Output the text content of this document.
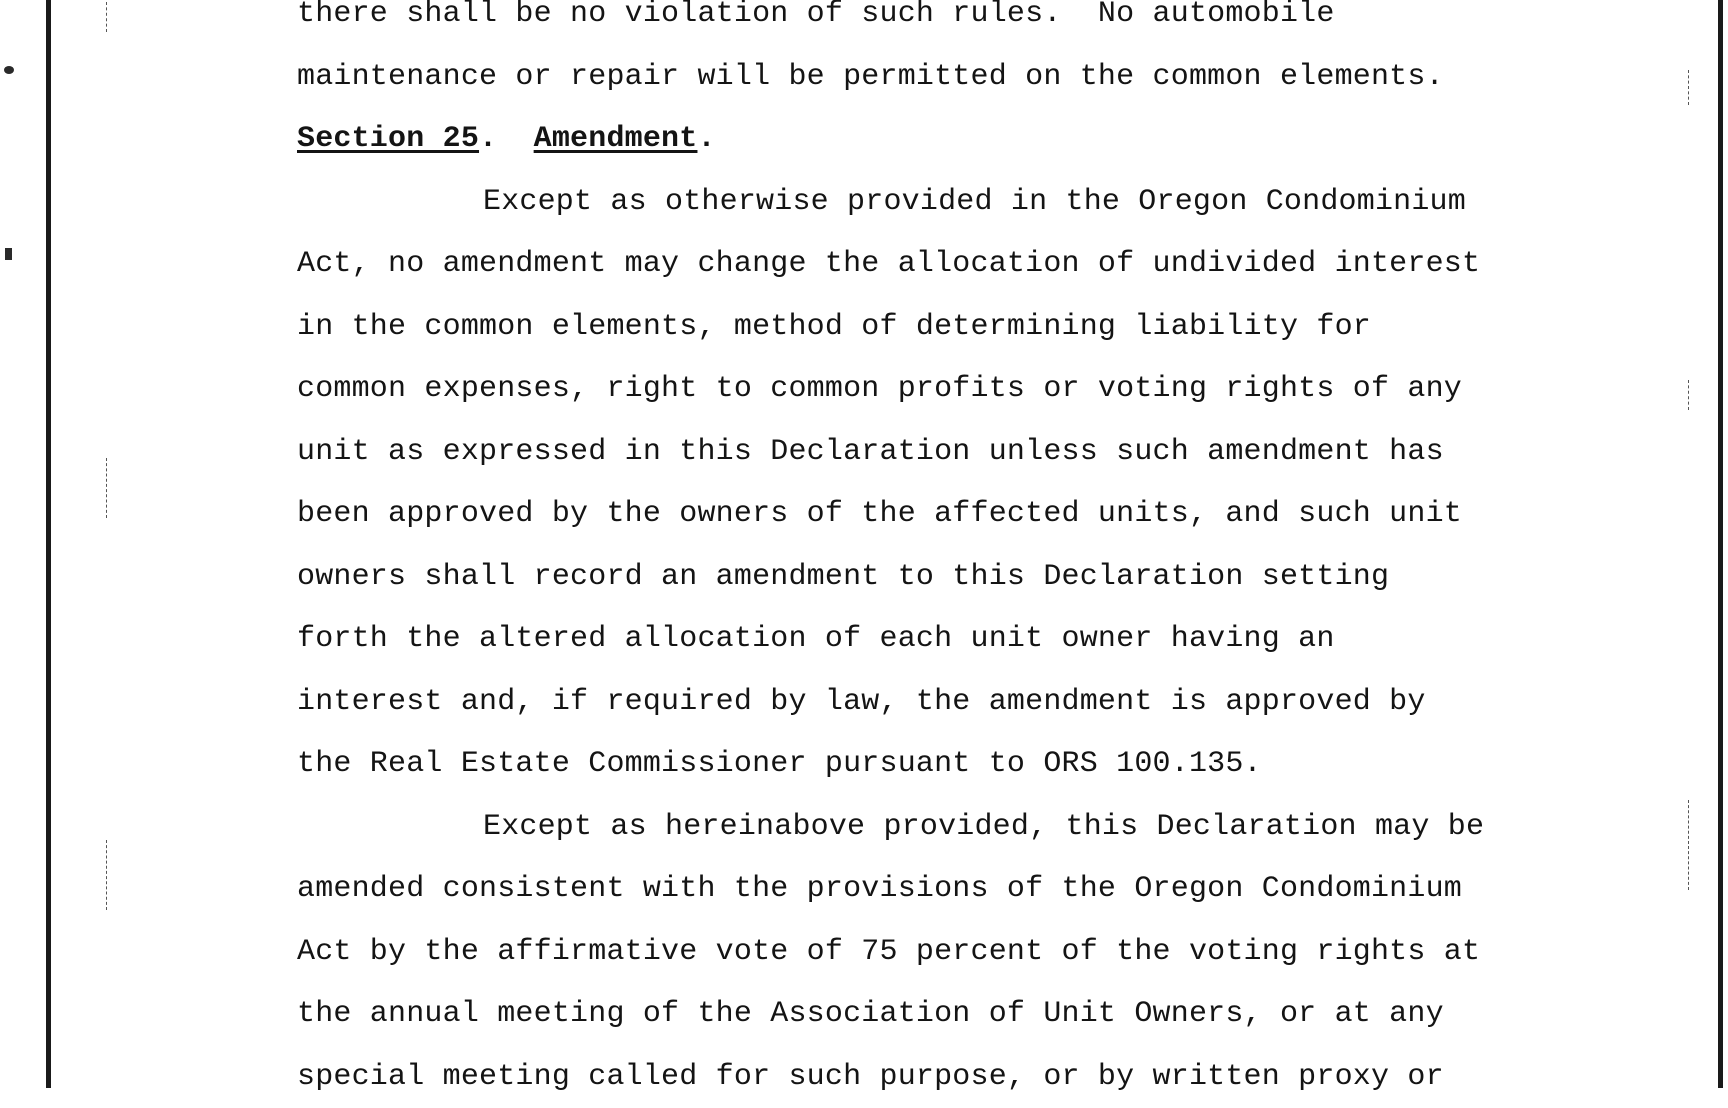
there shall be no violation of such rules.  No automobile
maintenance or repair will be permitted on the common elements.
Section 25.  Amendment.
Except as otherwise provided in the Oregon Condominium
Act, no amendment may change the allocation of undivided interest
in the common elements, method of determining liability for
common expenses, right to common profits or voting rights of any
unit as expressed in this Declaration unless such amendment has
been approved by the owners of the affected units, and such unit
owners shall record an amendment to this Declaration setting
forth the altered allocation of each unit owner having an
interest and, if required by law, the amendment is approved by
the Real Estate Commissioner pursuant to ORS 100.135.
Except as hereinabove provided, this Declaration may be
amended consistent with the provisions of the Oregon Condominium
Act by the affirmative vote of 75 percent of the voting rights at
the annual meeting of the Association of Unit Owners, or at any
special meeting called for such purpose, or by written proxy or
